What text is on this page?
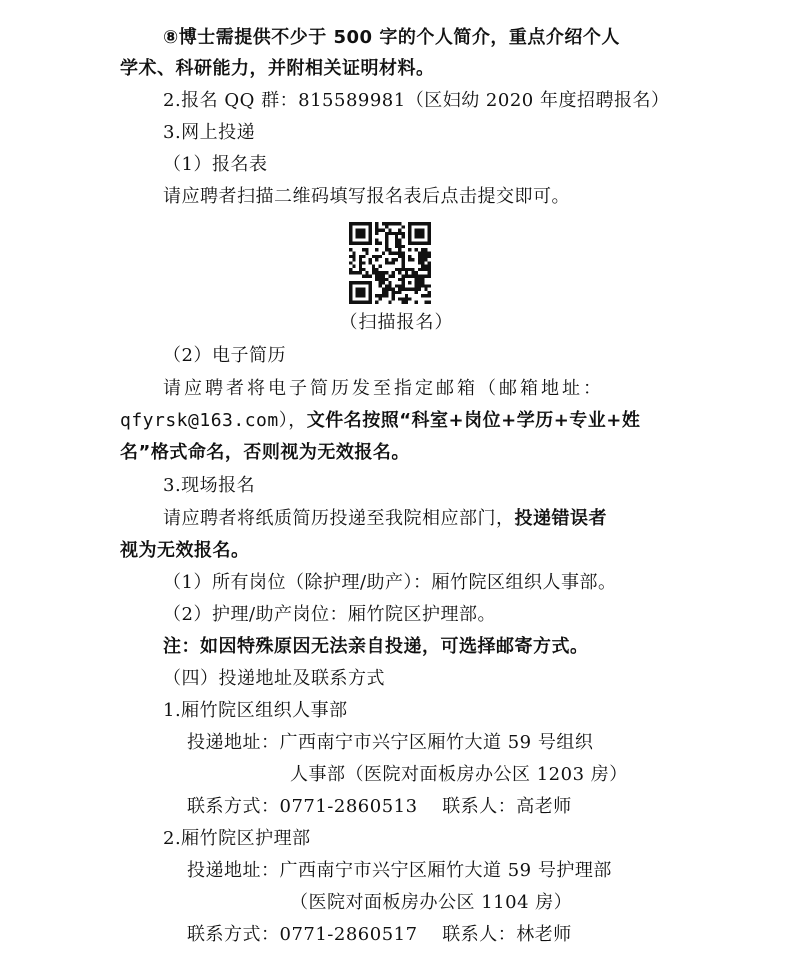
⑧博士需提供不少于 500 字的个人简介，重点介绍个人
学术、科研能力，并附相关证明材料。
2.报名 QQ 群：815589981（区妇幼 2020 年度招聘报名）
3.网上投递
（1）报名表
请应聘者扫描二维码填写报名表后点击提交即可。
（扫描报名）
（2）电子简历
请应聘者将电子简历发至指定邮箱（邮箱地址：
qfyrsk@163.com），文件名按照“科室+岗位+学历+专业+姓
名”格式命名，否则视为无效报名。
3.现场报名
请应聘者将纸质简历投递至我院相应部门，投递错误者
视为无效报名。
（1）所有岗位（除护理/助产）：厢竹院区组织人事部。
（2）护理/助产岗位：厢竹院区护理部。
注：如因特殊原因无法亲自投递，可选择邮寄方式。
（四）投递地址及联系方式
1.厢竹院区组织人事部
投递地址：广西南宁市兴宁区厢竹大道 59 号组织
人事部（医院对面板房办公区 1203 房）
联系方式：0771-2860513　 联系人：高老师
2.厢竹院区护理部
投递地址：广西南宁市兴宁区厢竹大道 59 号护理部
（医院对面板房办公区 1104 房）
联系方式：0771-2860517　 联系人：林老师
